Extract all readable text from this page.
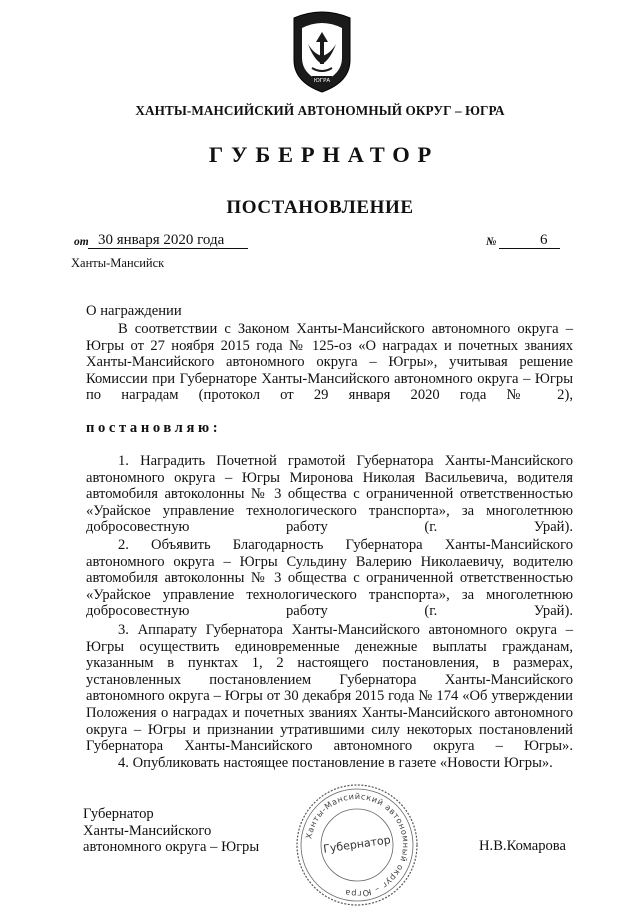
ЮГРА
ХАНТЫ-МАНСИЙСКИЙ АВТОНОМНЫЙ ОКРУГ – ЮГРА
ГУБЕРНАТОР
ПОСТАНОВЛЕНИЕ
от 30 января 2020 года	№	6
Ханты-Мансийск
О награждении
В соответствии с Законом Ханты-Мансийского автономного округа – Югры от 27 ноября 2015 года № 125-оз «О наградах и почетных званиях Ханты-Мансийского автономного округа – Югры», учитывая решение Комиссии при Губернаторе Ханты-Мансийского автономного округа – Югры по наградам (протокол от 29 января 2020 года № 2),
постановляю:
1. Наградить Почетной грамотой Губернатора Ханты-Мансийского автономного округа – Югры Миронова Николая Васильевича, водителя автомобиля автоколонны № 3 общества с ограниченной ответственностью «Урайское управление технологического транспорта», за многолетнюю добросовестную работу (г. Урай).
2. Объявить Благодарность Губернатора Ханты-Мансийского автономного округа – Югры Сульдину Валерию Николаевичу, водителю автомобиля автоколонны № 3 общества с ограниченной ответственностью «Урайское управление технологического транспорта», за многолетнюю добросовестную работу (г. Урай).
3. Аппарату Губернатора Ханты-Мансийского автономного округа – Югры осуществить единовременные денежные выплаты гражданам, указанным в пунктах 1, 2 настоящего постановления, в размерах, установленных постановлением Губернатора Ханты-Мансийского автономного округа – Югры от 30 декабря 2015 года № 174 «Об утверждении Положения о наградах и почетных званиях Ханты-Мансийского автономного округа – Югры и признании утратившими силу некоторых постановлений Губернатора Ханты-Мансийского автономного округа – Югры».
4. Опубликовать настоящее постановление в газете «Новости Югры».
Губернатор
Ханты-Мансийского
автономного округа – Югры	Н.В.Комарова
Ханты-Мансийский автономный округ – Югра
Губернатор
